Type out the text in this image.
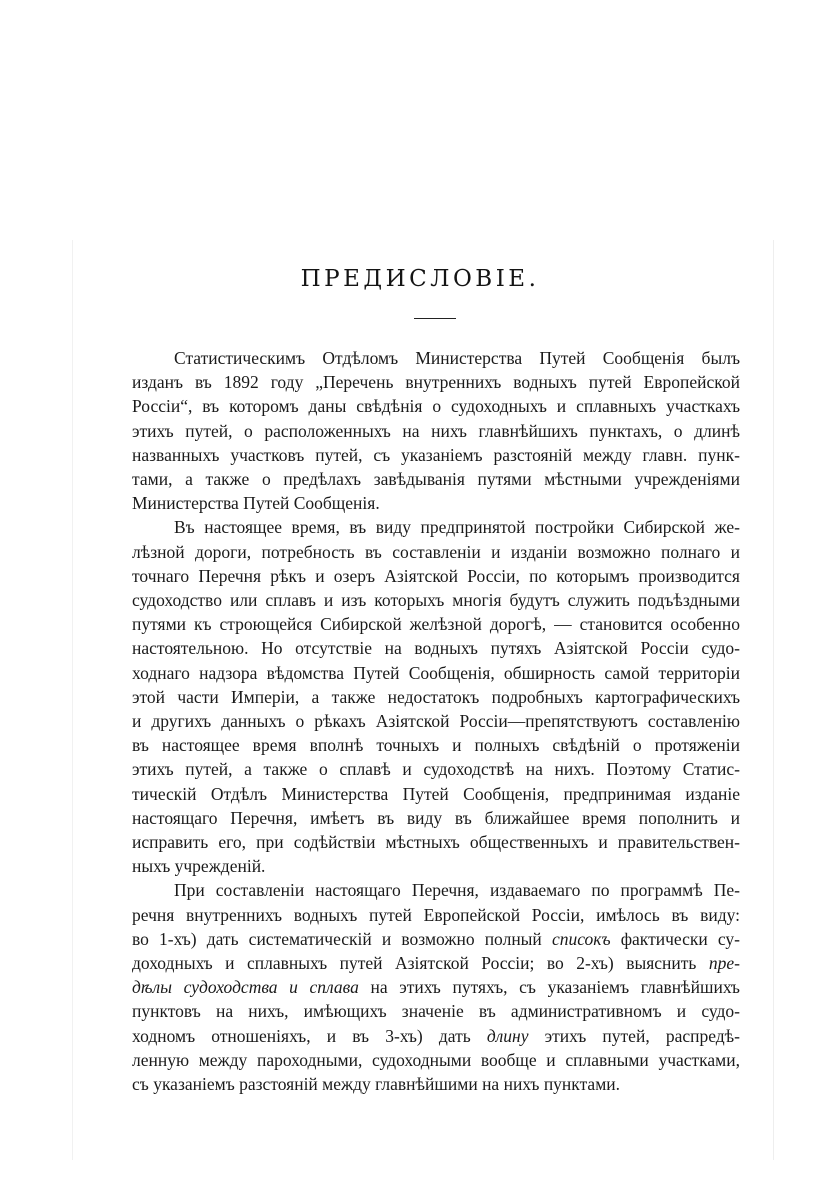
ПРЕДИСЛОВІЕ.
Статистическимъ Отдѣломъ Министерства Путей Сообщенія былъ
изданъ въ 1892 году „Перечень внутреннихъ водныхъ путей Европейской
Россіи“, въ которомъ даны свѣдѣнія о судоходныхъ и сплавныхъ участкахъ
этихъ путей, о расположенныхъ на нихъ главнѣйшихъ пунктахъ, о длинѣ
названныхъ участковъ путей, съ указаніемъ разстояній между главн. пунк-
тами, а также о предѣлахъ завѣдыванія путями мѣстными учрежденіями
Министерства Путей Сообщенія.
Въ настоящее время, въ виду предпринятой постройки Сибирской же-
лѣзной дороги, потребность въ составленіи и изданіи возможно полнаго и
точнаго Перечня рѣкъ и озеръ Азіятской Россіи, по которымъ производится
судоходство или сплавъ и изъ которыхъ многія будутъ служить подъѣздными
путями къ строющейся Сибирской желѣзной дорогѣ, — становится особенно
настоятельною. Но отсутствіе на водныхъ путяхъ Азіятской Россіи судо-
ходнаго надзора вѣдомства Путей Сообщенія, обширность самой территоріи
этой части Имперіи, а также недостатокъ подробныхъ картографическихъ
и другихъ данныхъ о рѣкахъ Азіятской Россіи—препятствуютъ составленію
въ настоящее время вполнѣ точныхъ и полныхъ свѣдѣній о протяженіи
этихъ путей, а также о сплавѣ и судоходствѣ на нихъ. Поэтому Статис-
тическій Отдѣлъ Министерства Путей Сообщенія, предпринимая изданіе
настоящаго Перечня, имѣетъ въ виду въ ближайшее время пополнить и
исправить его, при содѣйствіи мѣстныхъ общественныхъ и правительствен-
ныхъ учрежденій.
При составленіи настоящаго Перечня, издаваемаго по программѣ Пе-
речня внутреннихъ водныхъ путей Европейской Россіи, имѣлось въ виду:
во 1-хъ) дать систематическій и возможно полный списокъ фактически су-
доходныхъ и сплавныхъ путей Азіятской Россіи; во 2-хъ) выяснить пре-
дѣлы судоходства и сплава на этихъ путяхъ, съ указаніемъ главнѣйшихъ
пунктовъ на нихъ, имѣющихъ значеніе въ административномъ и судо-
ходномъ отношеніяхъ, и въ 3-хъ) дать длину этихъ путей, распредѣ-
ленную между пароходными, судоходными вообще и сплавными участками,
съ указаніемъ разстояній между главнѣйшими на нихъ пунктами.
